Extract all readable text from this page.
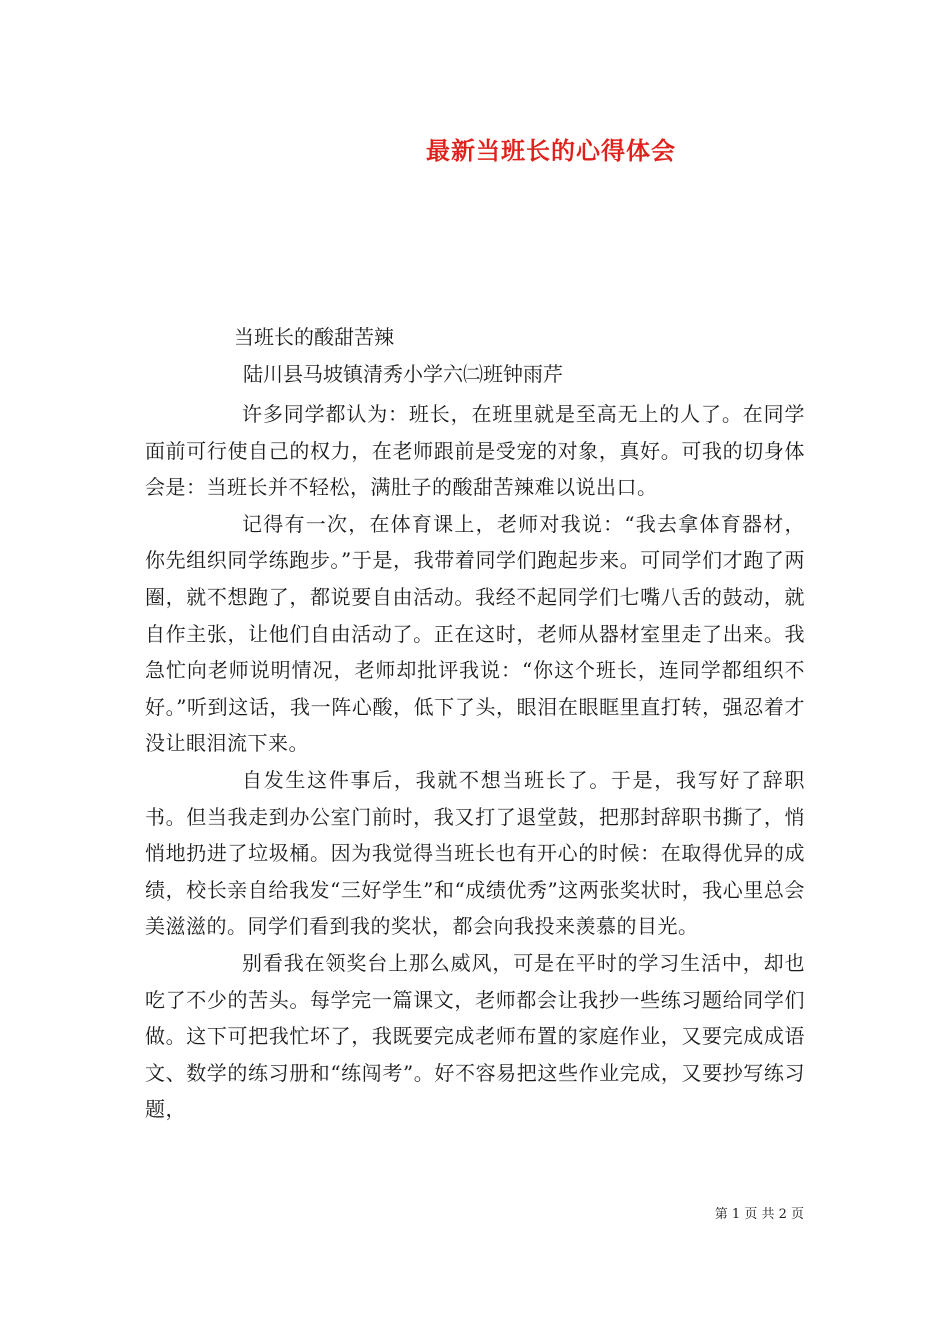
最新当班长的心得体会

当班长的酸甜苦辣

陆川县马坡镇清秀小学六㈡班钟雨芹

许多同学都认为：班长，在班里就是至高无上的人了。在同学面前可行使自己的权力，在老师跟前是受宠的对象，真好。可我的切身体会是：当班长并不轻松，满肚子的酸甜苦辣难以说出口。

记得有一次，在体育课上，老师对我说：“我去拿体育器材，你先组织同学练跑步。”于是，我带着同学们跑起步来。可同学们才跑了两圈，就不想跑了，都说要自由活动。我经不起同学们七嘴八舌的鼓动，就自作主张，让他们自由活动了。正在这时，老师从器材室里走了出来。我急忙向老师说明情况，老师却批评我说：“你这个班长，连同学都组织不好。”听到这话，我一阵心酸，低下了头，眼泪在眼眶里直打转，强忍着才没让眼泪流下来。

自发生这件事后，我就不想当班长了。于是，我写好了辞职书。但当我走到办公室门前时，我又打了退堂鼓，把那封辞职书撕了，悄悄地扔进了垃圾桶。因为我觉得当班长也有开心的时候：在取得优异的成绩，校长亲自给我发“三好学生”和“成绩优秀”这两张奖状时，我心里总会美滋滋的。同学们看到我的奖状，都会向我投来羡慕的目光。

别看我在领奖台上那么威风，可是在平时的学习生活中，却也吃了不少的苦头。每学完一篇课文，老师都会让我抄一些练习题给同学们做。这下可把我忙坏了，我既要完成老师布置的家庭作业，又要完成成语文、数学的练习册和“练闯考”。好不容易把这些作业完成，又要抄写练习题，

第 1 页 共 2 页
